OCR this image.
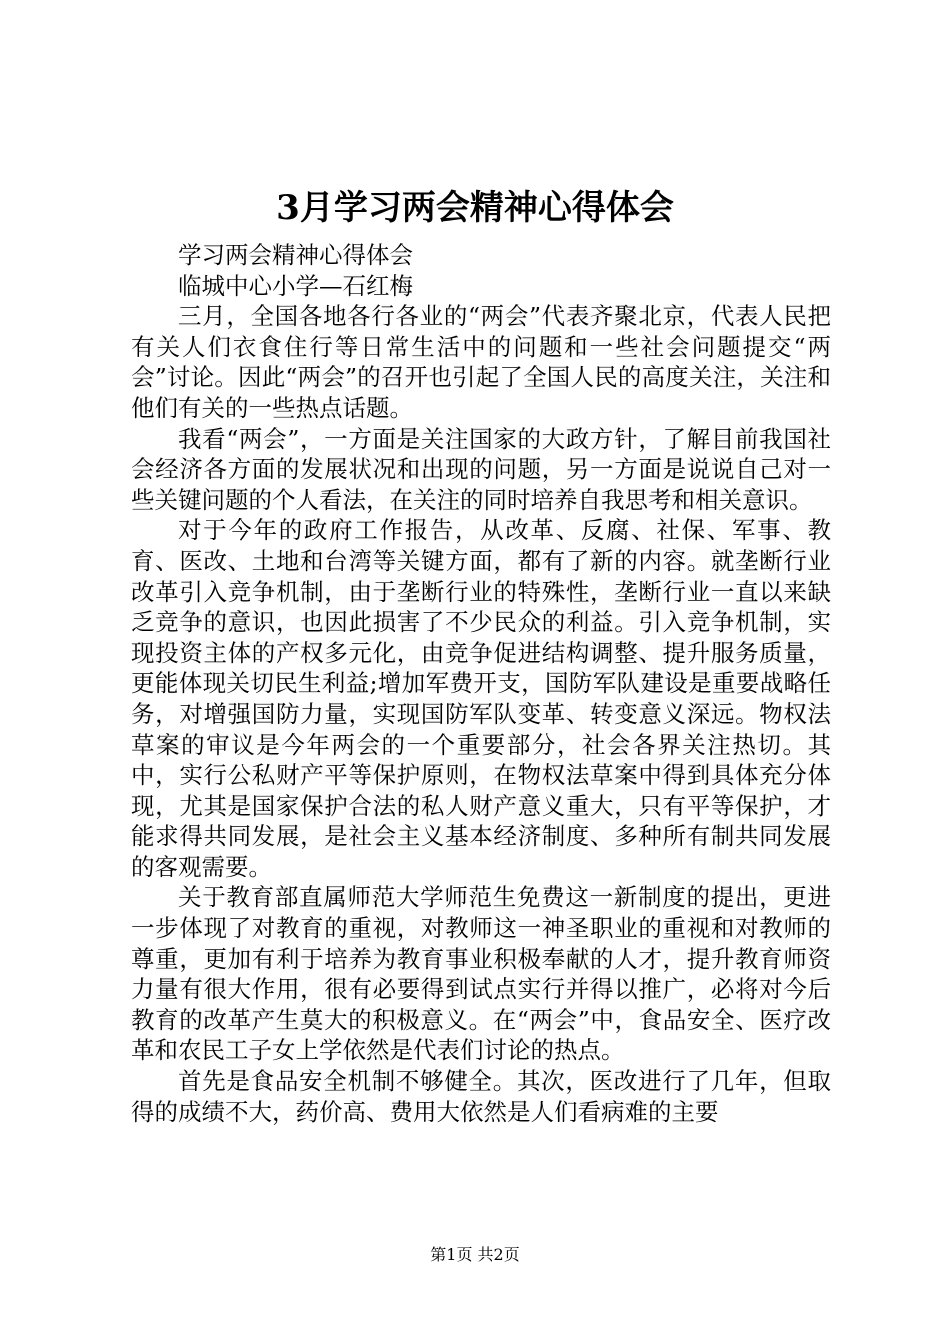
3月学习两会精神心得体会

学习两会精神心得体会

临城中心小学—石红梅

三月，全国各地各行各业的“两会”代表齐聚北京，代表人民把有关人们衣食住行等日常生活中的问题和一些社会问题提交“两会”讨论。因此“两会”的召开也引起了全国人民的高度关注，关注和他们有关的一些热点话题。

我看“两会”，一方面是关注国家的大政方针，了解目前我国社会经济各方面的发展状况和出现的问题，另一方面是说说自己对一些关键问题的个人看法，在关注的同时培养自我思考和相关意识。

对于今年的政府工作报告，从改革、反腐、社保、军事、教育、医改、土地和台湾等关键方面，都有了新的内容。就垄断行业改革引入竞争机制，由于垄断行业的特殊性，垄断行业一直以来缺乏竞争的意识，也因此损害了不少民众的利益。引入竞争机制，实现投资主体的产权多元化，由竞争促进结构调整、提升服务质量，更能体现关切民生利益;增加军费开支，国防军队建设是重要战略任务，对增强国防力量，实现国防军队变革、转变意义深远。物权法草案的审议是今年两会的一个重要部分，社会各界关注热切。其中，实行公私财产平等保护原则，在物权法草案中得到具体充分体现，尤其是国家保护合法的私人财产意义重大，只有平等保护，才能求得共同发展，是社会主义基本经济制度、多种所有制共同发展的客观需要。

关于教育部直属师范大学师范生免费这一新制度的提出，更进一步体现了对教育的重视，对教师这一神圣职业的重视和对教师的尊重，更加有利于培养为教育事业积极奉献的人才，提升教育师资力量有很大作用，很有必要得到试点实行并得以推广，必将对今后教育的改革产生莫大的积极意义。在“两会”中，食品安全、医疗改革和农民工子女上学依然是代表们讨论的热点。

首先是食品安全机制不够健全。其次，医改进行了几年，但取得的成绩不大，药价高、费用大依然是人们看病难的主要

第1页 共2页
